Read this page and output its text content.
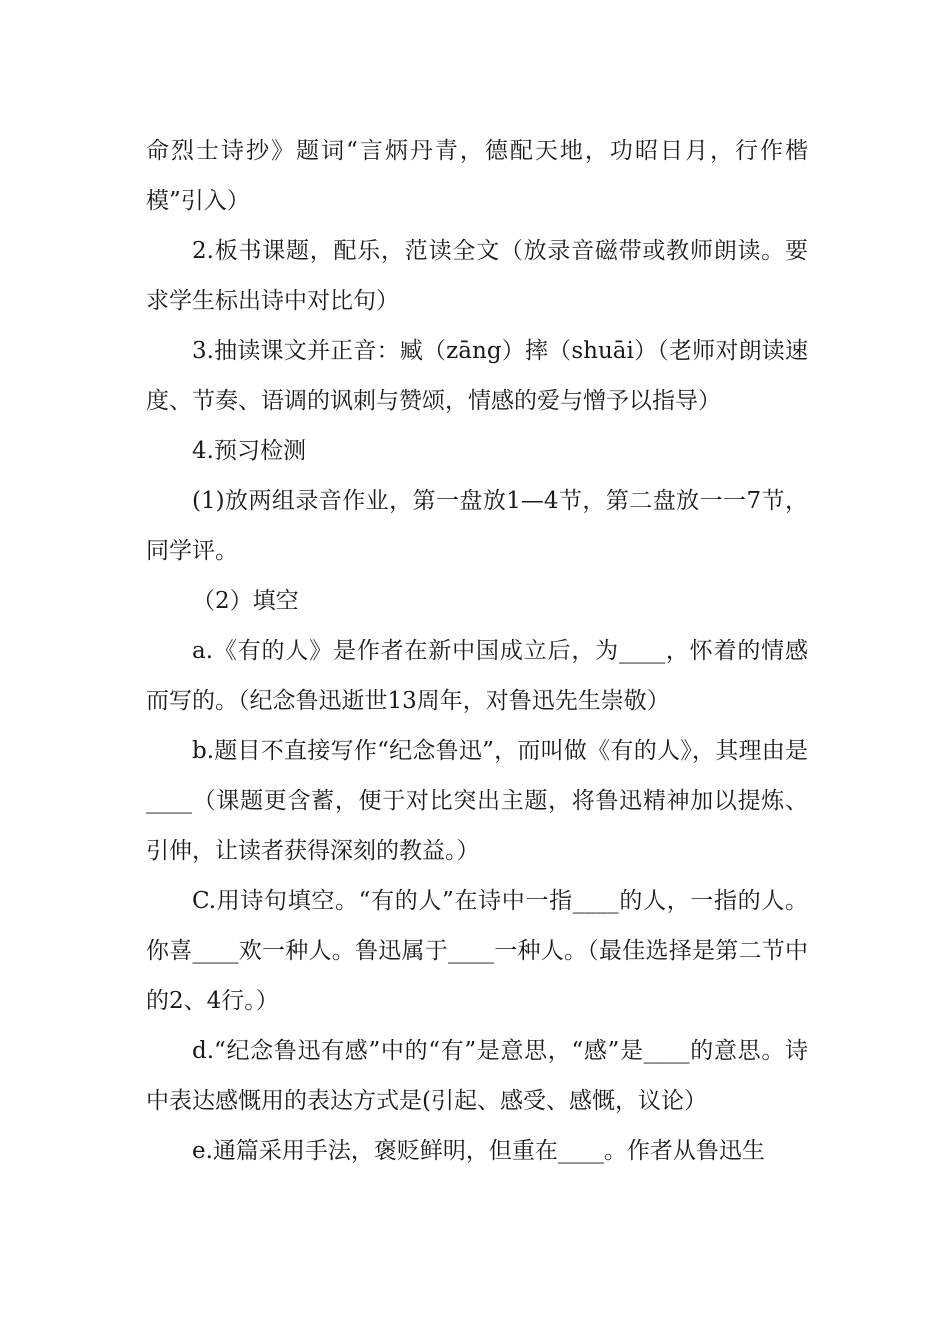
命烈士诗抄》题词“言炳丹青，德配天地，功昭日月，行作楷模”引入）

2.板书课题，配乐，范读全文（放录音磁带或教师朗读。要求学生标出诗中对比句）

3.抽读课文并正音：臧（zāng）摔（shuāi）（老师对朗读速度、节奏、语调的讽刺与赞颂，情感的爱与憎予以指导）

4.预习检测

(1)放两组录音作业，第一盘放1—4节，第二盘放一一7节，同学评。

（2）填空

a.《有的人》是作者在新中国成立后，为____，怀着的情感而写的。（纪念鲁迅逝世13周年，对鲁迅先生崇敬）

b.题目不直接写作“纪念鲁迅”，而叫做《有的人》，其理由是____（课题更含蓄，便于对比突出主题，将鲁迅精神加以提炼、引伸，让读者获得深刻的教益。）

C.用诗句填空。“有的人”在诗中一指____的人，一指的人。你喜____欢一种人。鲁迅属于____一种人。（最佳选择是第二节中的2、4行。）

d.“纪念鲁迅有感”中的“有”是意思，“感”是____的意思。诗中表达感慨用的表达方式是(引起、感受、感慨，议论）

e.通篇采用手法，褒贬鲜明，但重在____。作者从鲁迅生
